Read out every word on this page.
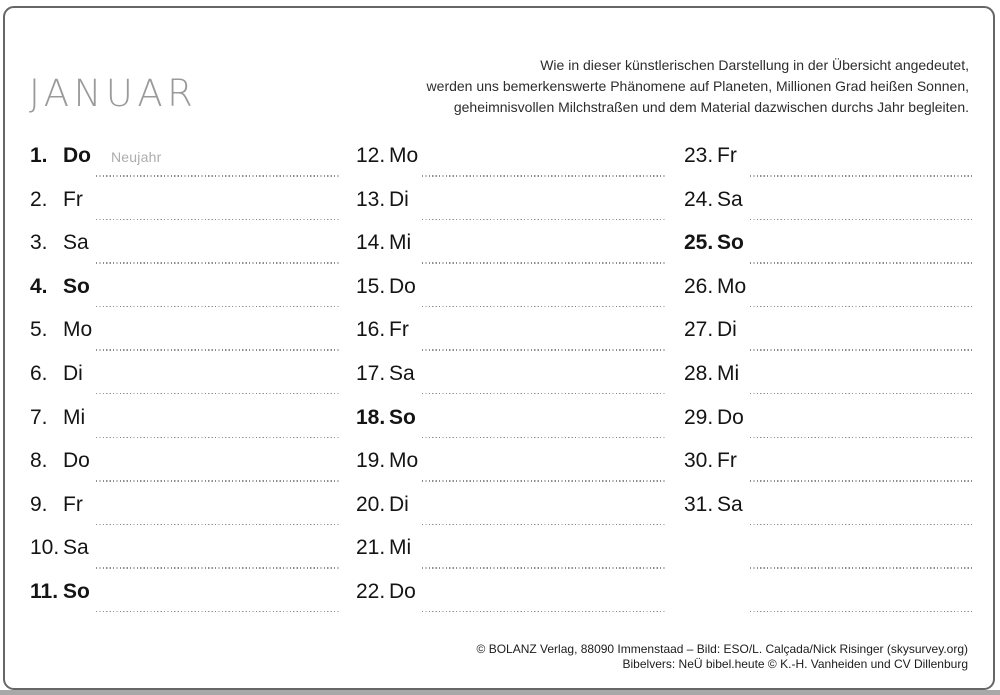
JANUAR
Wie in dieser künstlerischen Darstellung in der Übersicht angedeutet,
werden uns bemerkenswerte Phänomene auf Planeten, Millionen Grad heißen Sonnen,
geheimnisvollen Milchstraßen und dem Material dazwischen durchs Jahr begleiten.
1. Do Neujahr
2. Fr
3. Sa
4. So
5. Mo
6. Di
7. Mi
8. Do
9. Fr
10. Sa
11. So
12. Mo
13. Di
14. Mi
15. Do
16. Fr
17. Sa
18. So
19. Mo
20. Di
21. Mi
22. Do
23. Fr
24. Sa
25. So
26. Mo
27. Di
28. Mi
29. Do
30. Fr
31. Sa
© BOLANZ Verlag, 88090 Immenstaad – Bild: ESO/L. Calçada/Nick Risinger (skysurvey.org)
Bibelvers: NeÜ bibel.heute © K.-H. Vanheiden und CV Dillenburg
